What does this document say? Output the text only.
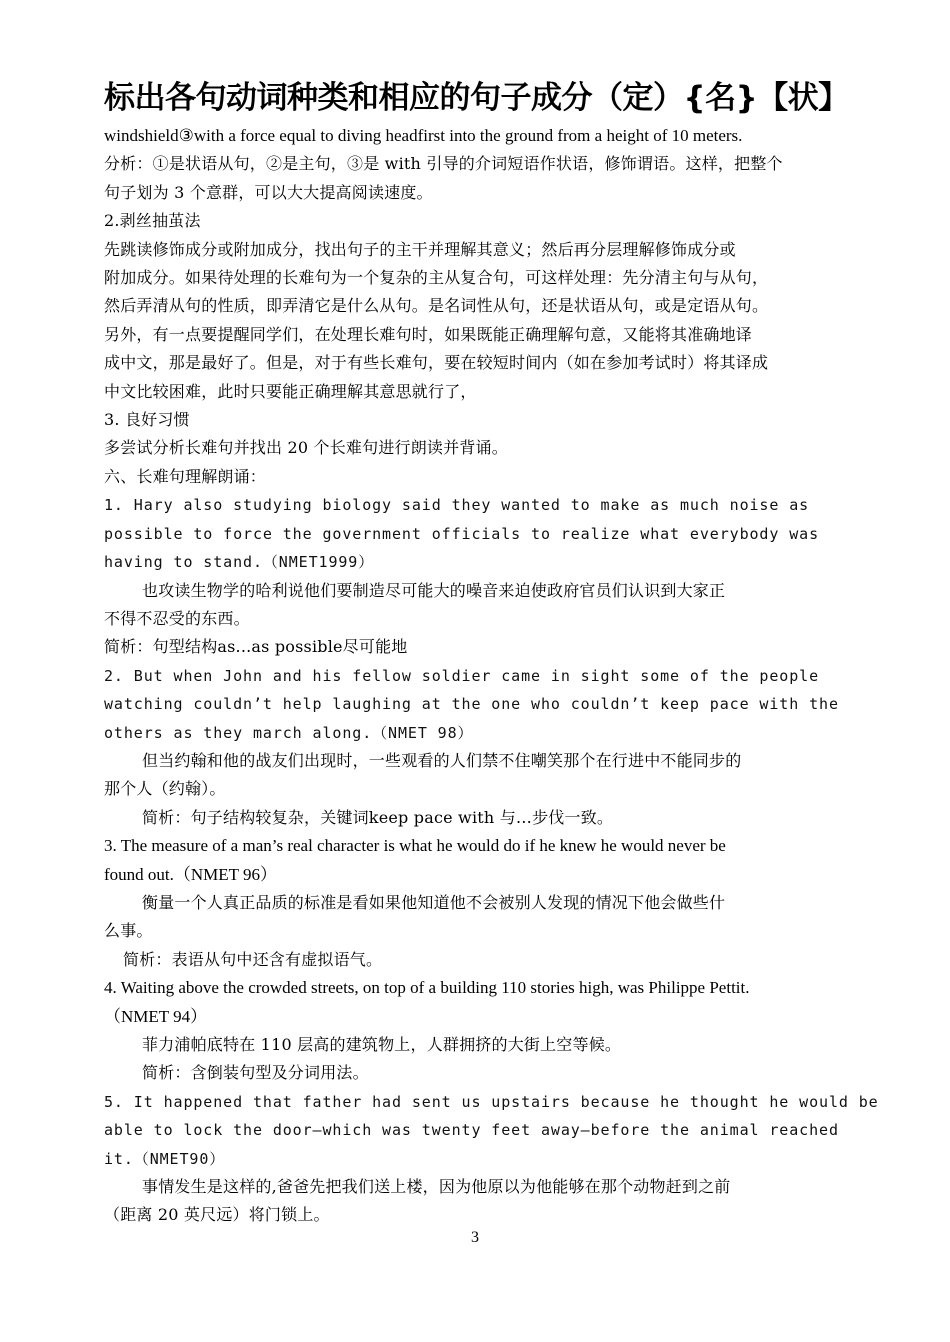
标出各句动词种类和相应的句子成分（定）{名}【状】
windshield③with a force equal to diving headfirst into the ground from a height of 10 meters.
分析：①是状语从句，②是主句，③是 with 引导的介词短语作状语，修饰谓语。这样，把整个
句子划为 3 个意群，可以大大提高阅读速度。
2.剥丝抽茧法
先跳读修饰成分或附加成分，找出句子的主干并理解其意义；然后再分层理解修饰成分或
附加成分。如果待处理的长难句为一个复杂的主从复合句，可这样处理：先分清主句与从句，
然后弄清从句的性质，即弄清它是什么从句。是名词性从句，还是状语从句，或是定语从句。
另外，有一点要提醒同学们，在处理长难句时，如果既能正确理解句意，又能将其准确地译
成中文，那是最好了。但是，对于有些长难句，要在较短时间内（如在参加考试时）将其译成
中文比较困难，此时只要能正确理解其意思就行了，
3. 良好习惯
多尝试分析长难句并找出 20 个长难句进行朗读并背诵。
六、长难句理解朗诵：
1. Hary also studying biology said they wanted to make as much noise as
possible to force the government officials to realize what everybody was
having to stand.（NMET1999）
也攻读生物学的哈利说他们要制造尽可能大的噪音来迫使政府官员们认识到大家正
不得不忍受的东西。
简析：句型结构as...as possible尽可能地
2. But when John and his fellow soldier came in sight some of the people
watching couldn’t help laughing at the one who couldn’t keep pace with the
others as they march along.（NMET 98）
但当约翰和他的战友们出现时，一些观看的人们禁不住嘲笑那个在行进中不能同步的
那个人（约翰）。
简析：句子结构较复杂，关键词keep pace with 与…步伐一致。
3. The measure of a man’s real character is what he would do if he knew he would never be
found out.（NMET 96）
衡量一个人真正品质的标准是看如果他知道他不会被别人发现的情况下他会做些什
么事。
简析：表语从句中还含有虚拟语气。
4. Waiting above the crowded streets, on top of a building 110 stories high, was Philippe Pettit.
（NMET 94）
菲力浦帕底特在 110 层高的建筑物上，人群拥挤的大街上空等候。
简析：含倒装句型及分词用法。
5. It happened that father had sent us upstairs because he thought he would be
able to lock the door—which was twenty feet away—before the animal reached
it.（NMET90）
事情发生是这样的,爸爸先把我们送上楼，因为他原以为他能够在那个动物赶到之前
（距离 20 英尺远）将门锁上。
3
